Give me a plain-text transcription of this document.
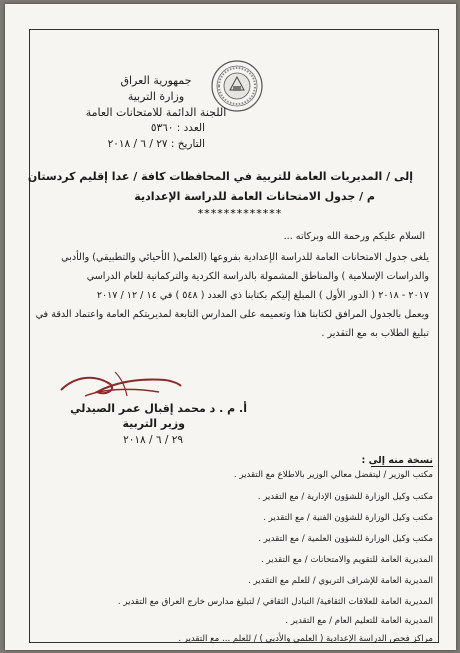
جمهورية العراق
وزارة التربية
اللجنة الدائمة للامتحانات العامة
العدد : ٥٣٦٠
التاريخ : ٢٧ / ٦ / ٢٠١٨
إلى / المديريات العامة للتربية في المحافظات كافة / عدا إقليم كردستان
م / جدول الامتحانات العامة للدراسة الإعدادية
*************
السلام عليكم ورحمة الله وبركاته ...
يلغى جدول الامتحانات العامة للدراسة الإعدادية بفروعها (العلمي( الأحيائي والتطبيقي) والأدبي
والدراسات الإسلامية ) والمناطق المشمولة بالدراسة الكردية والتركمانية للعام الدراسي
٢٠١٧ - ٢٠١٨ ( الدور الأول ) المبلغ إليكم بكتابنا ذي العدد ( ٥٤٨ ) في ١٤ / ١٢ / ٢٠١٧
ويعمل بالجدول المرافق لكتابنا هذا وتعميمه على المدارس التابعة لمديريتكم العامة واعتماد الدقة في
تبليغ الطلاب به مع التقدير .
أ. م . د محمد إقبال عمر الصيدلي
وزير التربية
٢٩ / ٦ / ٢٠١٨
نسخة منه إلى :
مكتب الوزير / ليتفضل معالي الوزير بالاطلاع مع التقدير .
مكتب وكيل الوزارة للشؤون الإدارية / مع التقدير .
مكتب وكيل الوزارة للشؤون الفنية / مع التقدير .
مكتب وكيل الوزارة للشؤون العلمية / مع التقدير .
المديرية العامة للتقويم والامتحانات / مع التقدير .
المديرية العامة للإشراف التربوي / للعلم مع التقدير .
المديرية العامة للعلاقات الثقافية/ التبادل الثقافي / لتبليغ مدارس خارج العراق مع التقدير .
المديرية العامة للتعليم العام / مع التقدير .
مراكز فحص الدراسة الإعدادية ( العلمي والأدبي ) / للعلم ... مع التقدير .
